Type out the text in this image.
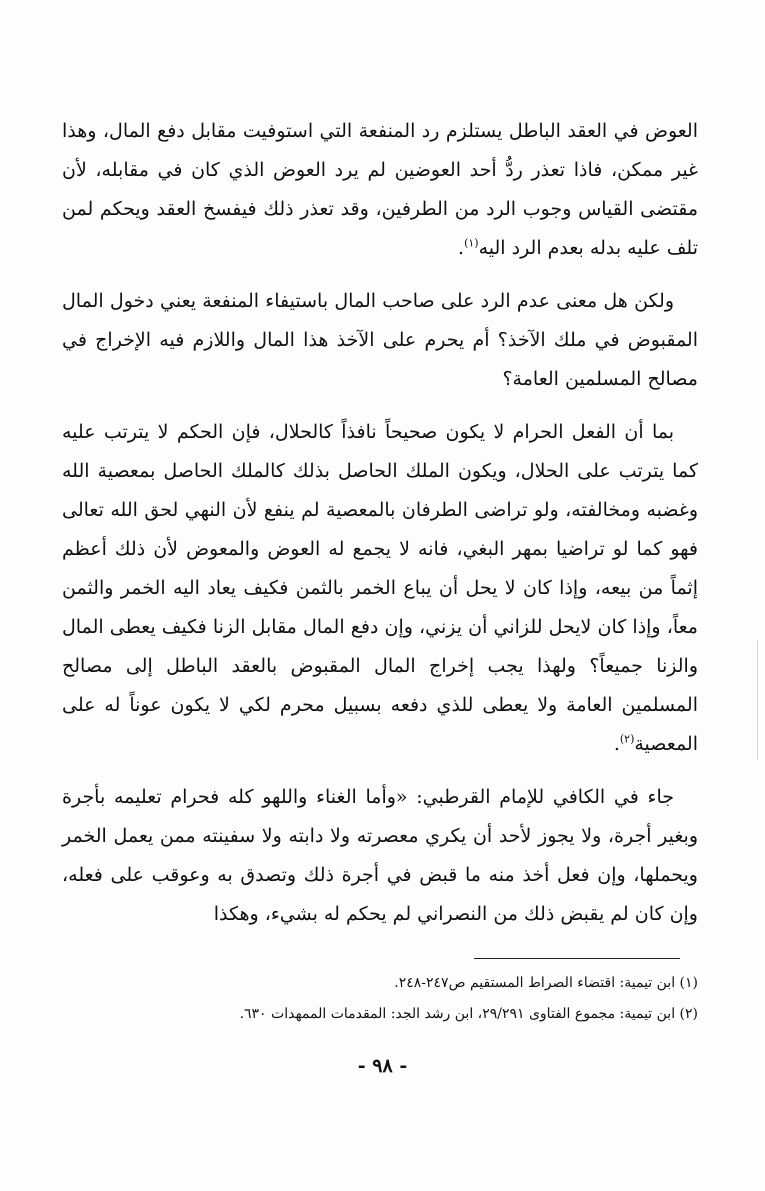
العوض في العقد الباطل يستلزم رد المنفعة التي استوفيت مقابل دفع المال، وهذا غير ممكن، فاذا تعذر ردُّ أحد العوضين لم يرد العوض الذي كان في مقابله، لأن مقتضى القياس وجوب الرد من الطرفين، وقد تعذر ذلك فيفسخ العقد ويحكم لمن تلف عليه بدله بعدم الرد اليه$^{(١)}$.

ولكن هل معنى عدم الرد على صاحب المال باستيفاء المنفعة يعني دخول المال المقبوض في ملك الآخذ؟ أم يحرم على الآخذ هذا المال واللازم فيه الإخراج في مصالح المسلمين العامة؟

بما أن الفعل الحرام لا يكون صحيحاً نافذاً كالحلال، فإن الحكم لا يترتب عليه كما يترتب على الحلال، ويكون الملك الحاصل بذلك كالملك الحاصل بمعصية الله وغضبه ومخالفته، ولو تراضى الطرفان بالمعصية لم ينفع لأن النهي لحق الله تعالى فهو كما لو تراضيا بمهر البغي، فانه لا يجمع له العوض والمعوض لأن ذلك أعظم إثماً من بيعه، وإذا كان لا يحل أن يباع الخمر بالثمن فكيف يعاد اليه الخمر والثمن معاً، وإذا كان لايحل للزاني أن يزني، وإن دفع المال مقابل الزنا فكيف يعطى المال والزنا جميعاً؟ ولهذا يجب إخراج المال المقبوض بالعقد الباطل إلى مصالح المسلمين العامة ولا يعطى للذي دفعه بسبيل محرم لكي لا يكون عوناً له على المعصية$^{(٢)}$.

جاء في الكافي للإمام القرطبي: «وأما الغناء واللهو كله فحرام تعليمه بأجرة وبغير أجرة، ولا يجوز لأحد أن يكري معصرته ولا دابته ولا سفينته ممن يعمل الخمر ويحملها، وإن فعل أخذ منه ما قبض في أجرة ذلك وتصدق به وعوقب على فعله، وإن كان لم يقبض ذلك من النصراني لم يحكم له بشيء، وهكذا

(١) ابن تيمية: اقتضاء الصراط المستقيم ص٢٤٧-٢٤٨.

(٢) ابن تيمية: مجموع الفتاوى ٢٩/٢٩١، ابن رشد الجد: المقدمات الممهدات ٦٣٠.

- ٩٨ -
